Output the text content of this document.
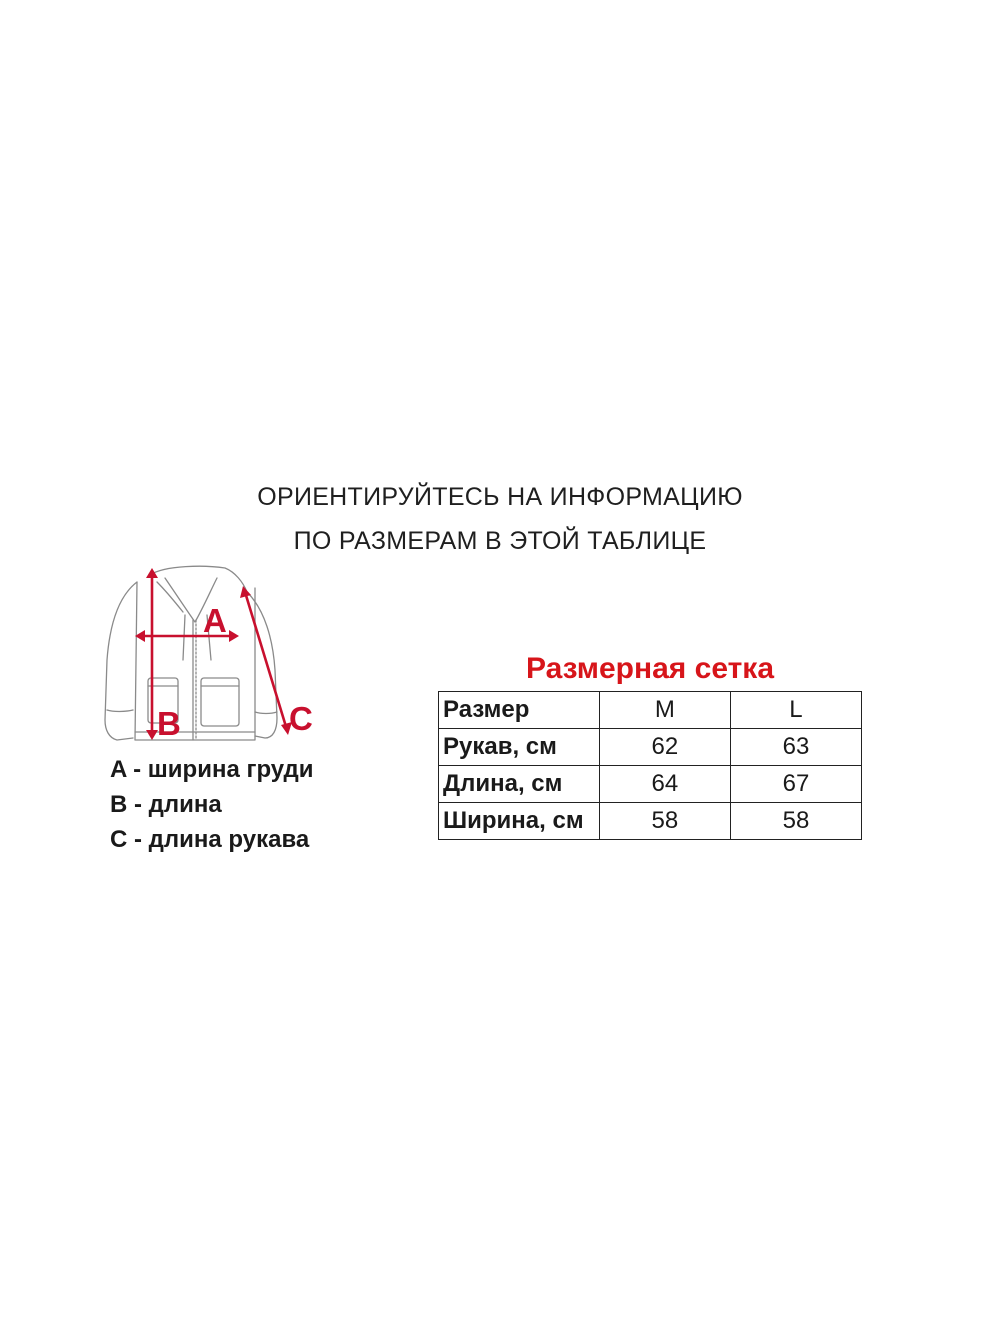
ОРИЕНТИРУЙТЕСЬ НА ИНФОРМАЦИЮ
ПО РАЗМЕРАМ В ЭТОЙ ТАБЛИЦЕ
A
B	C
A - ширина груди
B - длина
C - длина рукава
Размерная сетка
Размер	M	L
Рукав, см	62	63
Длина, см	64	67
Ширина, см	58	58
